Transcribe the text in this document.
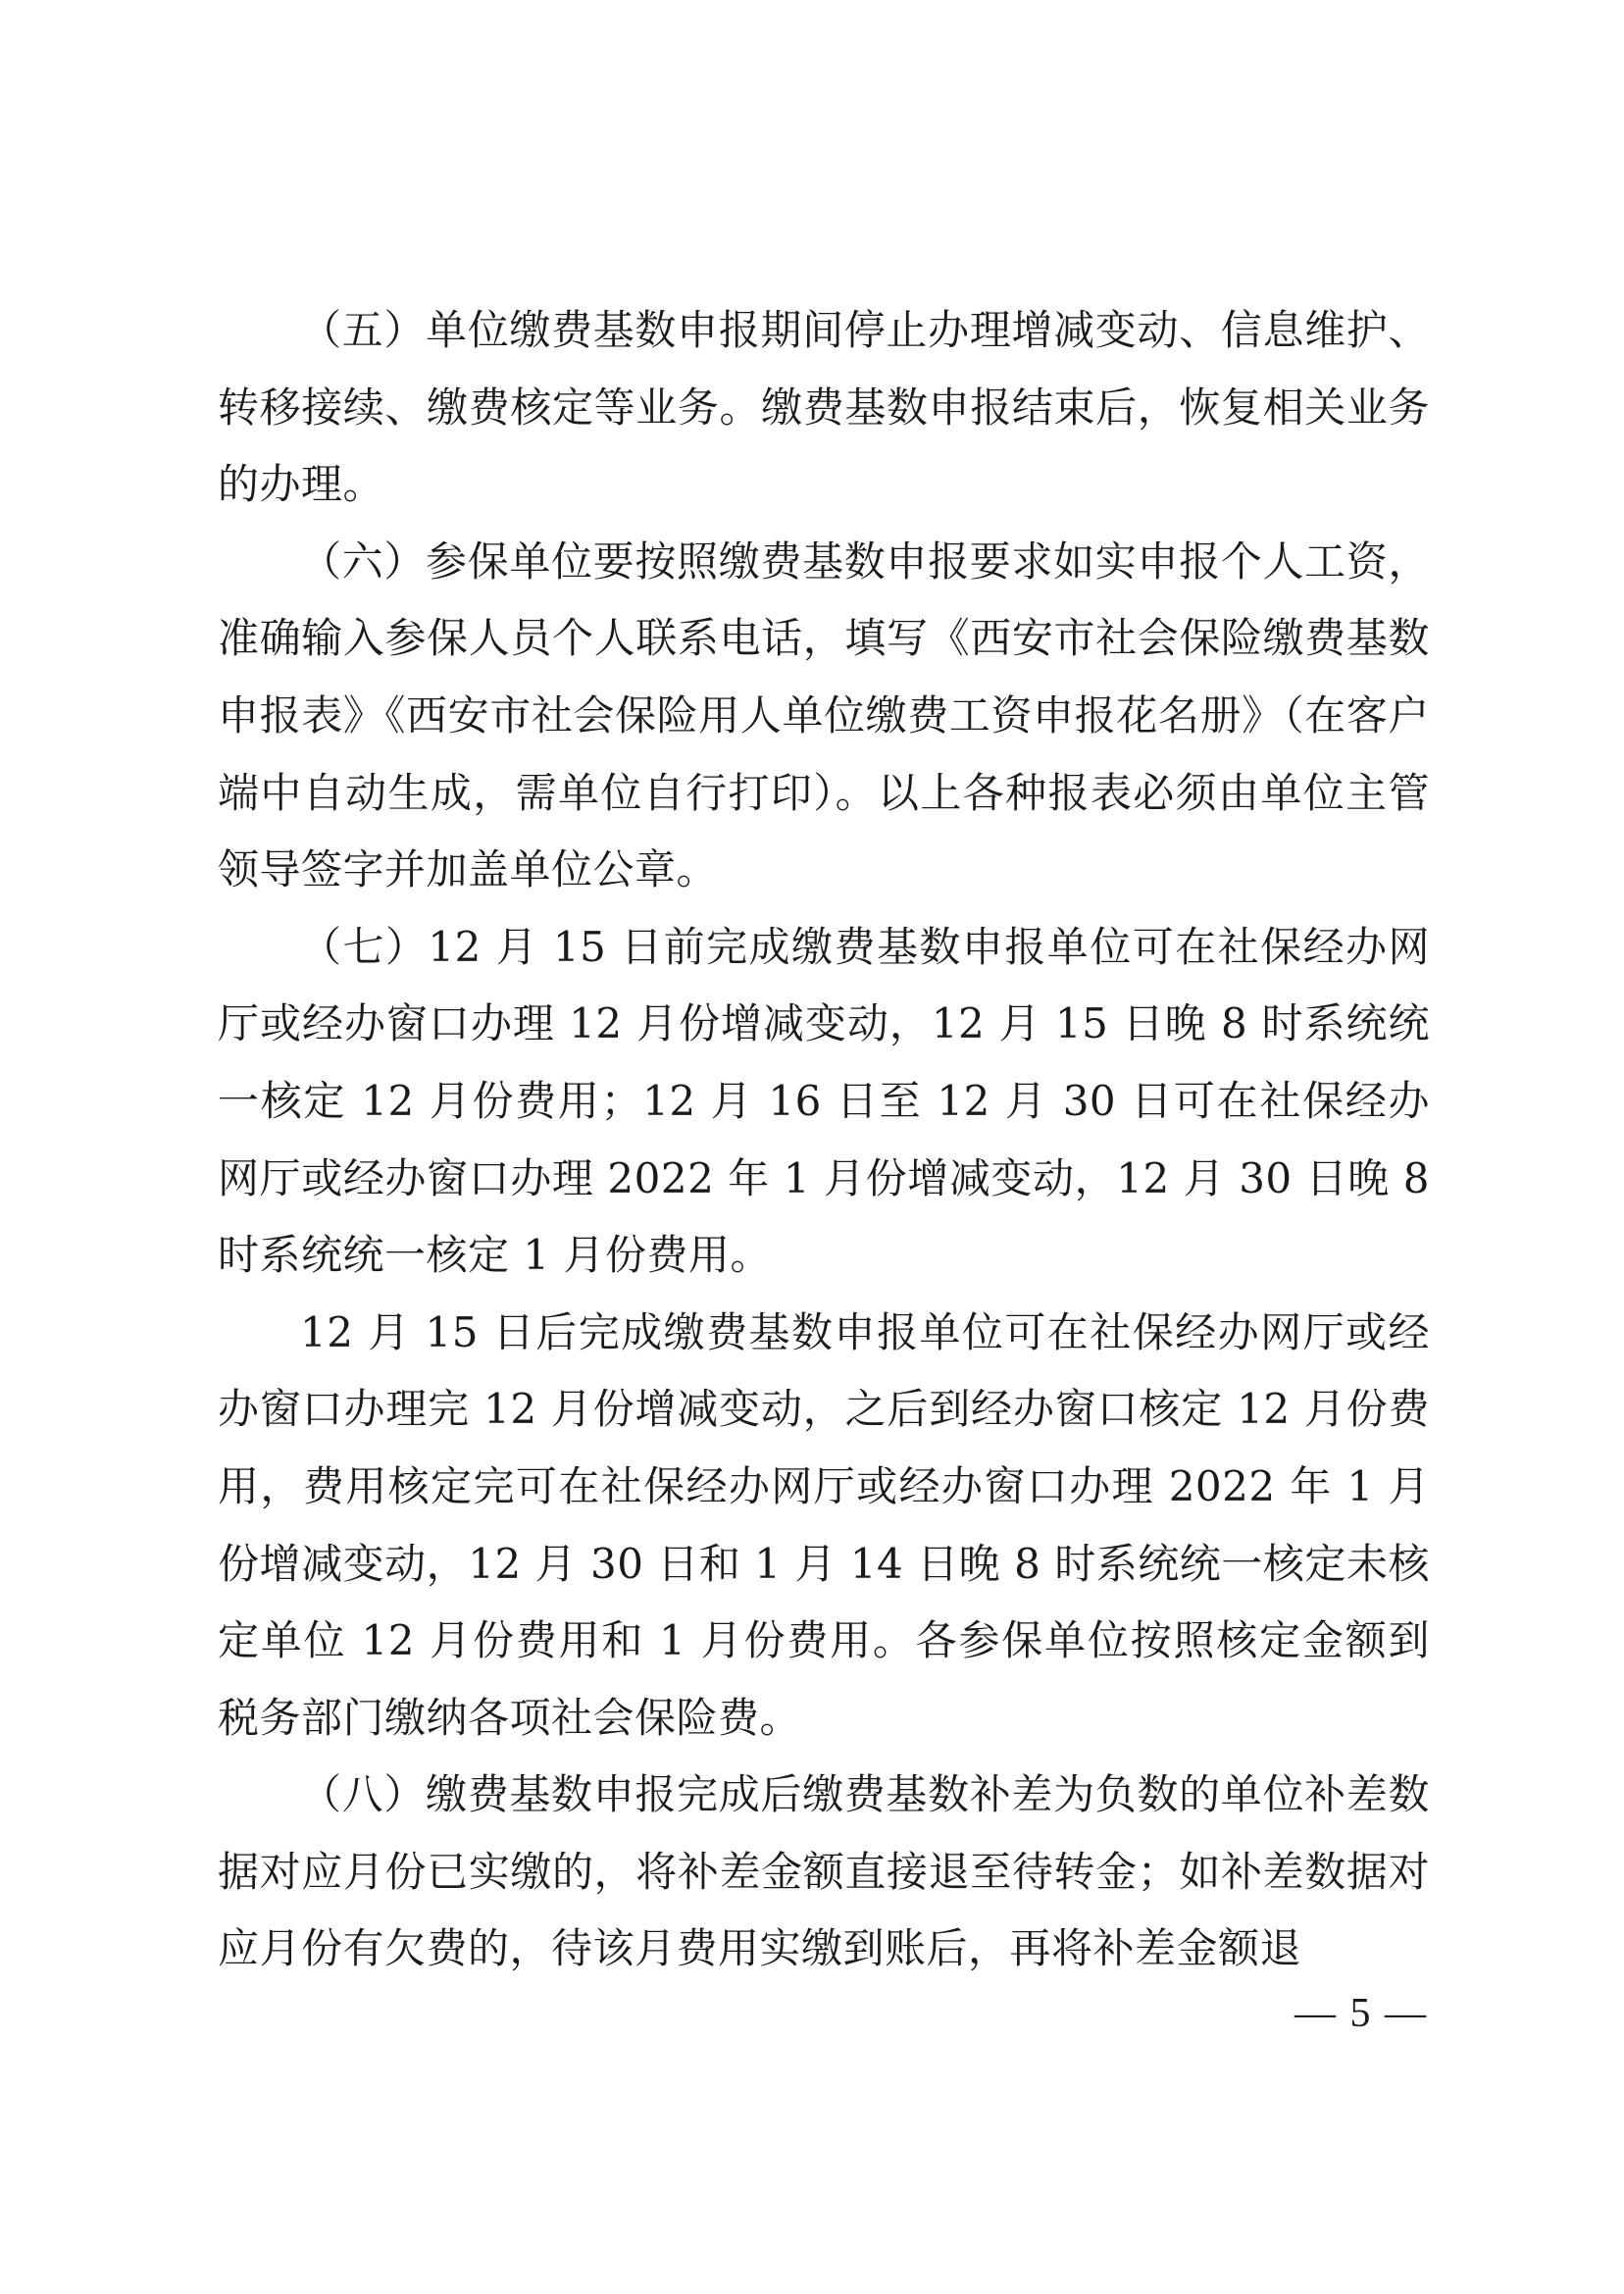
（五）单位缴费基数申报期间停止办理增减变动、信息维护、转移接续、缴费核定等业务。缴费基数申报结束后，恢复相关业务的办理。

（六）参保单位要按照缴费基数申报要求如实申报个人工资，准确输入参保人员个人联系电话，填写《西安市社会保险缴费基数申报表》《西安市社会保险用人单位缴费工资申报花名册》（在客户端中自动生成，需单位自行打印）。以上各种报表必须由单位主管领导签字并加盖单位公章。

（七）12 月 15 日前完成缴费基数申报单位可在社保经办网厅或经办窗口办理 12 月份增减变动，12 月 15 日晚 8 时系统统一核定 12 月份费用；12 月 16 日至 12 月 30 日可在社保经办网厅或经办窗口办理 2022 年 1 月份增减变动，12 月 30 日晚 8 时系统统一核定 1 月份费用。

12 月 15 日后完成缴费基数申报单位可在社保经办网厅或经办窗口办理完 12 月份增减变动，之后到经办窗口核定 12 月份费用，费用核定完可在社保经办网厅或经办窗口办理 2022 年 1 月份增减变动，12 月 30 日和 1 月 14 日晚 8 时系统统一核定未核定单位 12 月份费用和 1 月份费用。各参保单位按照核定金额到税务部门缴纳各项社会保险费。

（八）缴费基数申报完成后缴费基数补差为负数的单位补差数据对应月份已实缴的，将补差金额直接退至待转金；如补差数据对应月份有欠费的，待该月费用实缴到账后，再将补差金额退

— 5 —
